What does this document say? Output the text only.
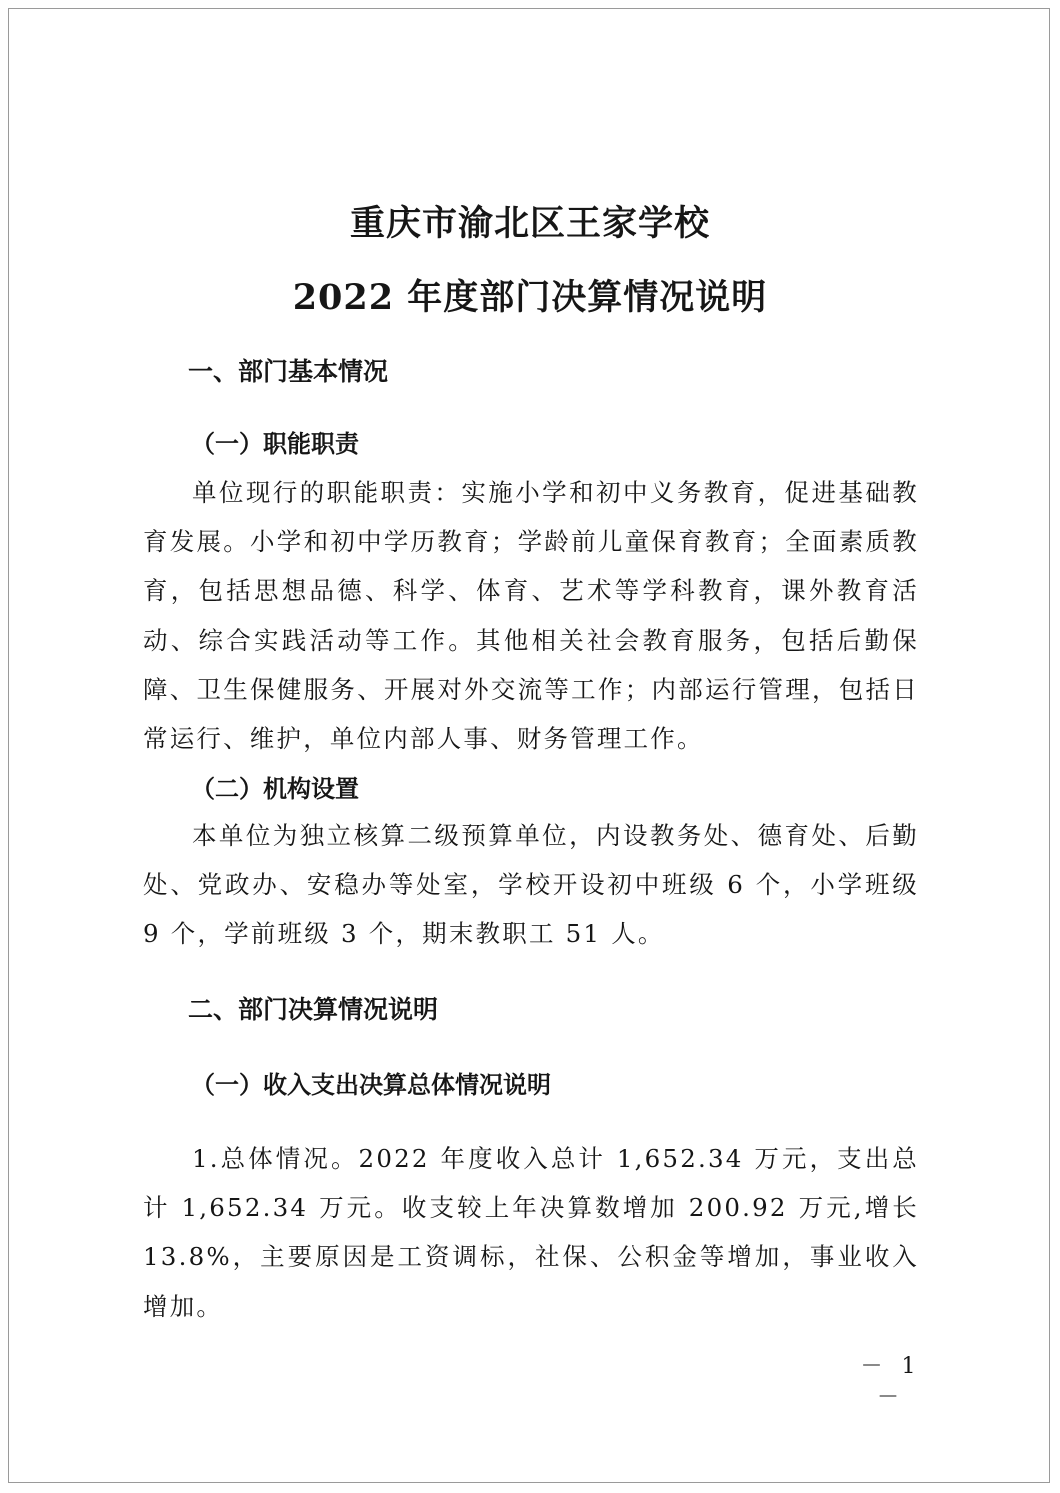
重庆市渝北区王家学校
2022 年度部门决算情况说明
一、部门基本情况
（一）职能职责

单位现行的职能职责：实施小学和初中义务教育，促进基础教育发展。小学和初中学历教育；学龄前儿童保育教育；全面素质教育，包括思想品德、科学、体育、艺术等学科教育，课外教育活动、综合实践活动等工作。其他相关社会教育服务，包括后勤保障、卫生保健服务、开展对外交流等工作；内部运行管理，包括日常运行、维护，单位内部人事、财务管理工作。

（二）机构设置

本单位为独立核算二级预算单位，内设教务处、德育处、后勤处、党政办、安稳办等处室，学校开设初中班级 6 个，小学班级 9 个，学前班级 3 个，期末教职工 51 人。

二、部门决算情况说明
（一）收入支出决算总体情况说明

1.总体情况。2022 年度收入总计 1,652.34 万元，支出总计 1,652.34 万元。收支较上年决算数增加 200.92 万元,增长 13.8%，主要原因是工资调标，社保、公积金等增加，事业收入增加。

－ 1 －
